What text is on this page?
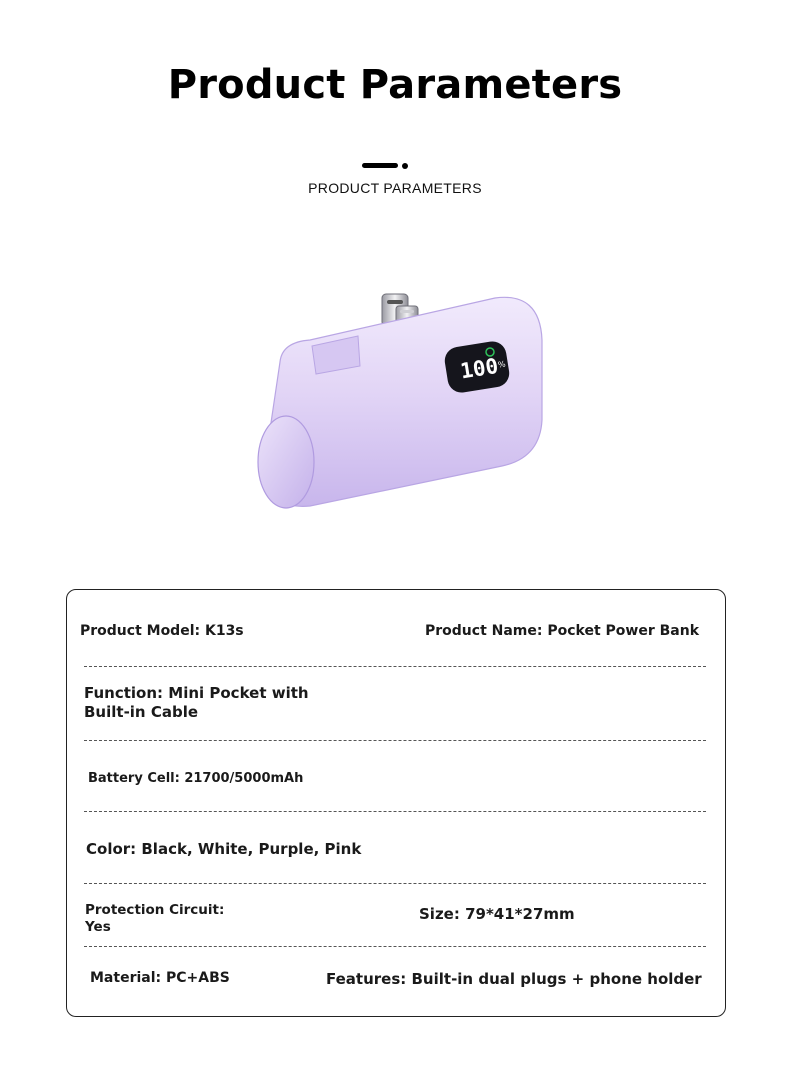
Product Parameters
PRODUCT PARAMETERS
100
%
Product Model: K13s	Product Name: Pocket Power Bank
Function: Mini Pocket with
Built-in Cable
Battery Cell: 21700/5000mAh
Color: Black, White, Purple, Pink
Protection Circuit:
Yes
Size: 79*41*27mm
Material: PC+ABS	Features: Built-in dual plugs + phone holder
